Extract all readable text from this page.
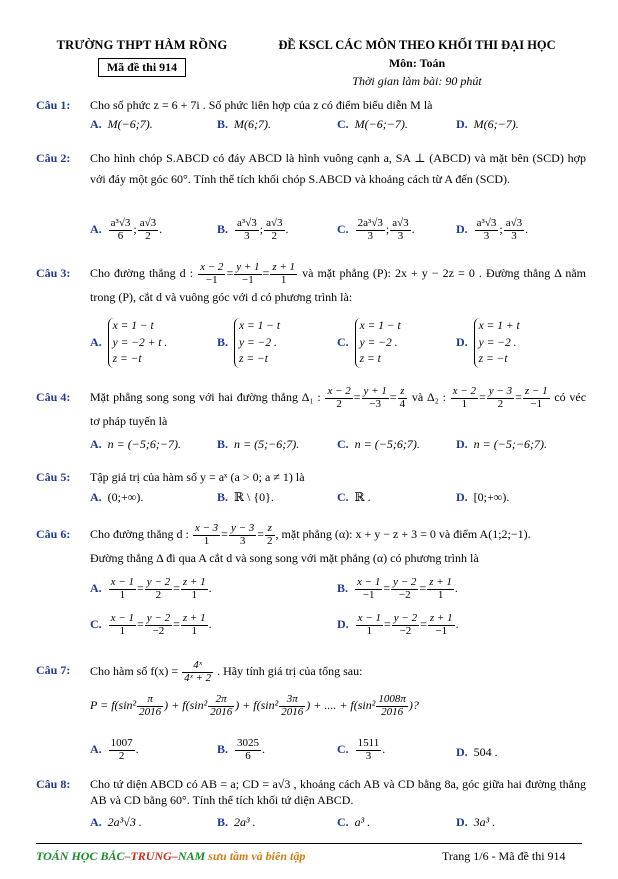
TRƯỜNG THPT HÀM RỒNG
Mã đề thi 914
ĐỀ KSCL CÁC MÔN THEO KHỐI THI ĐẠI HỌC
Môn: Toán
Thời gian làm bài: 90 phút
Câu 1: Cho số phức z = 6 + 7i . Số phức liên hợp của z có điểm biểu diễn M là
A. M(−6;7).	B. M(6;7).	C. M(−6;−7).	D. M(6;−7).
Câu 2: Cho hình chóp S.ABCD có đáy ABCD là hình vuông cạnh a, SA ⊥ (ABCD) và mặt bên (SCD) hợp với đáy một góc 60°. Tính thể tích khối chóp S.ABCD và khoảng cách từ A đến (SCD).
A. $\frac{\text{a³√3}}{6}$ ; $\frac{a√3}{2}$ .	B. $\frac{\text{a³√3}}{3}$ ; $\frac{a√3}{2}$ .	C. $\frac{\text{2a³√3}}{3}$ ; $\frac{a√3}{3}$ .	D. $\frac{\text{a³√3}}{3}$ ; $\frac{a√3}{3}$ .
Câu 3: Cho đường thẳng d : $\frac{x - 2}{-1} = \frac{y + 1}{-1} = \frac{z + 1}{1}$ và mặt phẳng (P): 2x + y − 2z = 0 . Đường thẳng Δ nằm trong (P), cắt d và vuông góc với d có phương trình là:
A.x = 1 − t
y = −2 + t .
z = −t
B.x = 1 − t
y = −2 .
z = −t
C.x = 1 − t
y = −2 .
z = t
D.x = 1 + t
y = −2 .
z = −t
Câu 4: Mặt phẳng song song với hai đường thẳng Δ₁ : $\frac{x - 2}{2} = \frac{y + 1}{-3} = \frac{z}{4}$ và Δ₂ : $\frac{x - 2}{1} = \frac{y - 3}{2} = \frac{z - 1}{-1}$ có véc tơ pháp tuyến là
A. n = (−5;6;−7).	B. n = (5;−6;7).	C. n = (−5;6;7).	D. n = (−5;−6;7).
Câu 5: Tập giá trị của hàm số y = aˣ (a > 0; a ≠ 1) là
A. (0;+∞).	B. ℝ \ {0}.	C. ℝ .	D. [0;+∞).
Câu 6: Cho đường thẳng d : $\frac{x - 3}{1} = \frac{y - 3}{3} = \frac{z}{2}$ , mặt phẳng (α): x + y − z + 3 = 0 và điểm A(1;2;−1).
Đường thẳng Δ đi qua A cắt d và song song với mặt phẳng (α) có phương trình là
A. $\frac{x - 1}{1} = \frac{y - 2}{2} = \frac{z + 1}{1}$ .	B. $\frac{x - 1}{-1} = \frac{y - 2}{-2} = \frac{z + 1}{1}$ .
C. $\frac{x - 1}{1} = \frac{y - 2}{-2} = \frac{z + 1}{1}$ .	D. $\frac{x - 1}{1} = \frac{y - 2}{-2} = \frac{z + 1}{-1}$ .
Câu 7: Cho hàm số $f(x) = \frac{\text{4ˣ}}{\text{4ˣ + 2}}$ . Hãy tính giá trị của tổng sau:
$P = f(\sin^2 \frac{\pi}{2016}$ ) + $f(\sin^2 \frac{2\pi}{2016}$ ) + $f(\sin^2 \frac{3\pi}{2016}$ ) + .... + $f(\sin^2 \frac{1008\pi}{2016}$ )?
A. $\frac{1007}{2}$ .	B. $\frac{3025}{6}$ .	C. $\frac{1511}{3}$ .	D. 504 .
Câu 8: Cho tứ diện ABCD có AB = a; CD = a√3 , khoảng cách AB và CD bằng 8a, góc giữa hai đường thẳng AB và CD bằng 60°. Tính thể tích khối tứ diện ABCD.
A. 2a³√3 .	B. 2a³ .	C. a³ .	D. 3a³ .
TOÁN HỌC BẮC–TRUNG–NAM sưu tầm và biên tập	Trang 1/6 - Mã đề thi 914
